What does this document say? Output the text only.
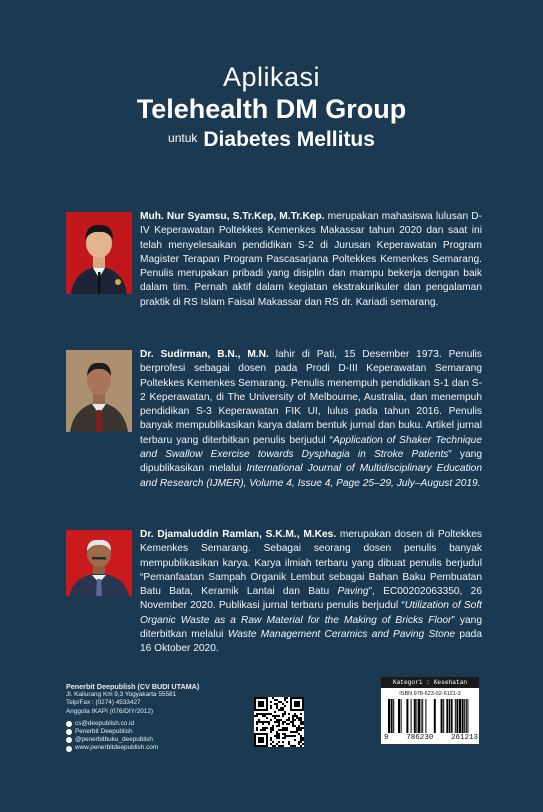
Aplikasi
Telehealth DM Group
untuk Diabetes Mellitus
Muh. Nur Syamsu, S.Tr.Kep, M.Tr.Kep. merupakan mahasiswa lulusan D-IV Keperawatan Poltekkes Kemenkes Makassar tahun 2020 dan saat ini telah menyelesaikan pendidikan S-2 di Jurusan Keperawatan Program Magister Terapan Program Pascasarjana Poltekkes Kemenkes Semarang. Penulis merupakan pribadi yang disiplin dan mampu bekerja dengan baik dalam tim. Pernah aktif dalam kegiatan ekstrakurikuler dan pengalaman praktik di RS Islam Faisal Makassar dan RS dr. Kariadi semarang.
Dr. Sudirman, B.N., M.N. lahir di Pati, 15 Desember 1973. Penulis berprofesi sebagai dosen pada Prodi D-III Keperawatan Semarang Poltekkes Kemenkes Semarang. Penulis menempuh pendidikan S-1 dan S-2 Keperawatan, di The University of Melbourne, Australia, dan menempuh pendidikan S-3 Keperawatan FIK UI, lulus pada tahun 2016. Penulis banyak mempublikasikan karya dalam bentuk jurnal dan buku. Artikel jurnal terbaru yang diterbitkan penulis berjudul “Application of Shaker Technique and Swallow Exercise towards Dysphagia in Stroke Patients” yang dipublikasikan melalui International Journal of Multidisciplinary Education and Research (IJMER), Volume 4, Issue 4, Page 25–29, July–August 2019.
Dr. Djamaluddin Ramlan, S.K.M., M.Kes. merupakan dosen di Poltekkes Kemenkes Semarang. Sebagai seorang dosen penulis banyak mempublikasikan karya. Karya ilmiah terbaru yang dibuat penulis berjudul “Pemanfaatan Sampah Organik Lembut sebagai Bahan Baku Pembuatan Batu Bata, Keramik Lantai dan Batu Paving”, EC00202063350, 26 November 2020. Publikasi jurnal terbaru penulis berjudul “Utilization of Soft Organic Waste as a Raw Material for the Making of Bricks Floor” yang diterbitkan melalui Waste Management Ceramics and Paving Stone pada 16 Oktober 2020.
Penerbit Deepublish (CV BUDI UTAMA)
Jl. Kaliurang Km 9,3 Yogyakarta 55581
Telp/Fax : (0274) 4533427
Anggota IKAPI (076/DIY/2012)
cs@deepublish.co.id
Penerbit Deepublish
@penerbitbuku_deepublish
www.penerbitdeepublish.com
Kategori : Kesehatan
ISBN 978-623-02-6121-3
9 786230 261213
